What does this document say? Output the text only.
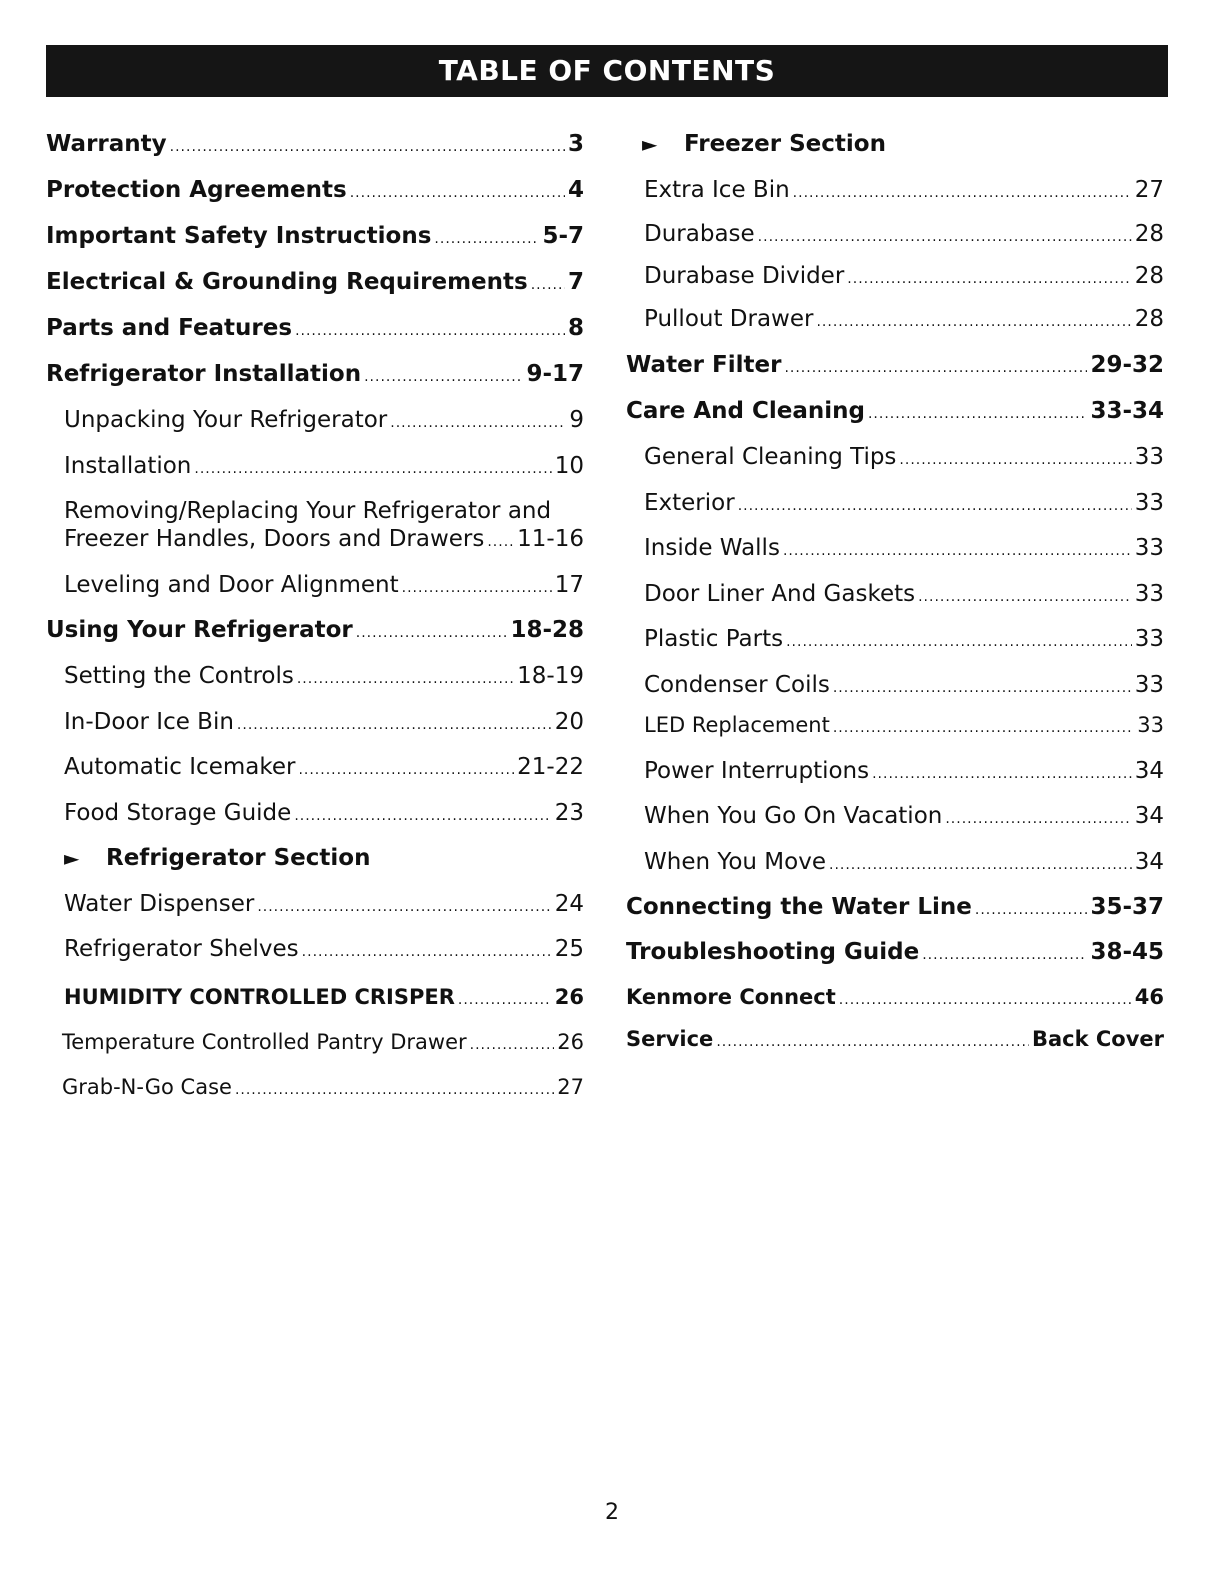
TABLE OF CONTENTS
Warranty .....	3
Protection Agreements .....	4
Important Safety Instructions .....	5-7
Electrical & Grounding Requirements ..... 7
Parts and Features .....	8
Refrigerator Installation .....	9-17
Unpacking Your Refrigerator .....	9
Installation .....	10
Removing/Replacing Your Refrigerator and
Freezer Handles, Doors and Drawers ..... 11-16
Leveling and Door Alignment .....	17
Using Your Refrigerator .....	18-28
Setting the Controls .....	18-19
In-Door Ice Bin .....	20
Automatic Icemaker .....	21-22
Food Storage Guide .....	23
► Refrigerator Section
Water Dispenser .....	24
Refrigerator Shelves .....	25
HUMIDITY CONTROLLED CRISPER .....	26
Temperature Controlled Pantry Drawer .....	26
Grab-N-Go Case .....	27
► Freezer Section
Extra Ice Bin .....	27
Durabase .....	28
Durabase Divider .....	28
Pullout Drawer .....	28
Water Filter .....	29-32
Care And Cleaning .....	33-34
General Cleaning Tips .....	33
Exterior .....	33
Inside Walls .....	33
Door Liner And Gaskets .....	33
Plastic Parts .....	33
Condenser Coils .....	33
LED Replacement .....	33
Power Interruptions .....	34
When You Go On Vacation .....	34
When You Move .....	34
Connecting the Water Line .....	35-37
Troubleshooting Guide .....	38-45
Kenmore Connect .....	46
Service .....	Back Cover
2
